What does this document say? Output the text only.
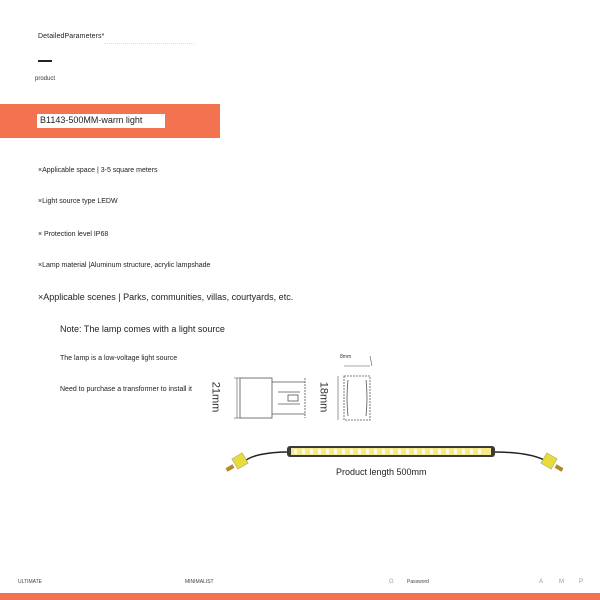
DetailedParameters*
product
B1143-500MM-warm light
×Applicable space | 3-5 square meters
×Light source type LEDW
× Protection level IP68
×Lamp material |Aluminum structure, acrylic lampshade
×Applicable scenes | Parks, communities, villas, courtyards, etc.
Note: The lamp comes with a light source
The lamp is a low-voltage light source
Need to purchase a transformer to install it 21mm	18mm
8mm
Product length 500mm
ULTIMATE	MINIMALIST	G	Password	A	M	P
